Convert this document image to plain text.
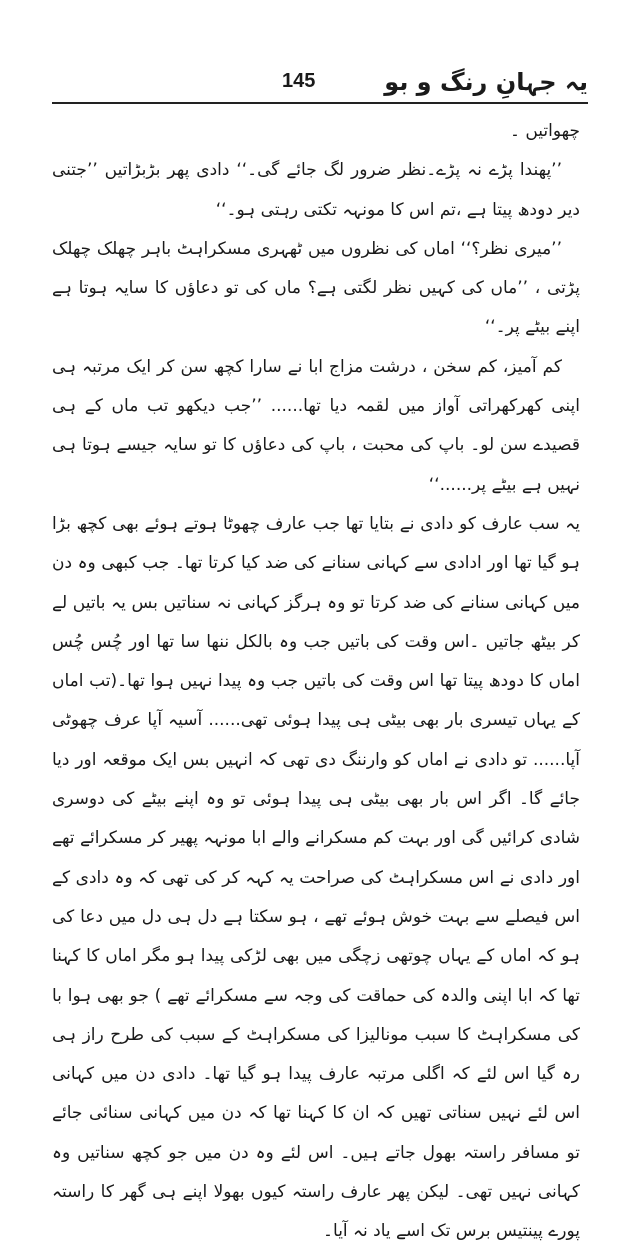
یہ جہانِ رنگ و بو
145

چھواتیں ۔

’’پھندا پڑے نہ پڑے۔نظر ضرور لگ جائے گی۔‘‘ دادی پھر بڑبڑاتیں ’’جتنی دیر دودھ پیتا ہے ،تم اس کا مونہہ تکتی رہتی ہو۔‘‘

’’میری نظر؟‘‘ اماں کی نظروں میں ٹھہری مسکراہٹ باہر چھلک چھلک پڑتی ، ’’ماں کی کہیں نظر لگتی ہے؟ ماں کی تو دعاؤں کا سایہ ہوتا ہے اپنے بیٹے پر۔‘‘

کم آمیز، کم سخن ، درشت مزاج ابا نے سارا کچھ سن کر ایک مرتبہ ہی اپنی کھرکھراتی آواز میں لقمہ دیا تھا...... ’’جب دیکھو تب ماں کے ہی قصیدے سن لو۔ باپ کی محبت ، باپ کی دعاؤں کا تو سایہ جیسے ہوتا ہی نہیں ہے بیٹے پر......‘‘

یہ سب عارف کو دادی نے بتایا تھا جب عارف چھوٹا ہوتے ہوئے بھی کچھ بڑا ہو گیا تھا اور ادادی سے کہانی سنانے کی ضد کیا کرتا تھا۔ جب کبھی وہ دن میں کہانی سنانے کی ضد کرتا تو وہ ہرگز کہانی نہ سناتیں بس یہ باتیں لے کر بیٹھ جاتیں ۔اس وقت کی باتیں جب وہ بالکل ننھا سا تھا اور چُس چُس اماں کا دودھ پیتا تھا اس وقت کی باتیں جب وہ پیدا نہیں ہوا تھا۔(تب اماں کے یہاں تیسری بار بھی بیٹی ہی پیدا ہوئی تھی...... آسیہ آپا عرف چھوٹی آپا...... تو دادی نے اماں کو وارننگ دی تھی کہ انہیں بس ایک موقعہ اور دیا جائے گا۔ اگر اس بار بھی بیٹی ہی پیدا ہوئی تو وہ اپنے بیٹے کی دوسری شادی کرائیں گی اور بہت کم مسکرانے والے ابا مونہہ پھیر کر مسکرائے تھے اور دادی نے اس مسکراہٹ کی صراحت یہ کہہ کر کی تھی کہ وہ دادی کے اس فیصلے سے بہت خوش ہوئے تھے ، ہو سکتا ہے دل ہی دل میں دعا کی ہو کہ اماں کے یہاں چوتھی زچگی میں بھی لڑکی پیدا ہو مگر اماں کا کہنا تھا کہ ابا اپنی والدہ کی حماقت کی وجہ سے مسکرائے تھے ) جو بھی ہوا با کی مسکراہٹ کا سبب مونالیزا کی مسکراہٹ کے سبب کی طرح راز ہی رہ گیا اس لئے کہ اگلی مرتبہ عارف پیدا ہو گیا تھا۔ دادی دن میں کہانی اس لئے نہیں سناتی تھیں کہ ان کا کہنا تھا کہ دن میں کہانی سنائی جائے تو مسافر راستہ بھول جاتے ہیں۔ اس لئے وہ دن میں جو کچھ سناتیں وہ کہانی نہیں تھی۔ لیکن پھر عارف راستہ کیوں بھولا اپنے ہی گھر کا راستہ پورے پینتیس برس تک اسے یاد نہ آیا۔
